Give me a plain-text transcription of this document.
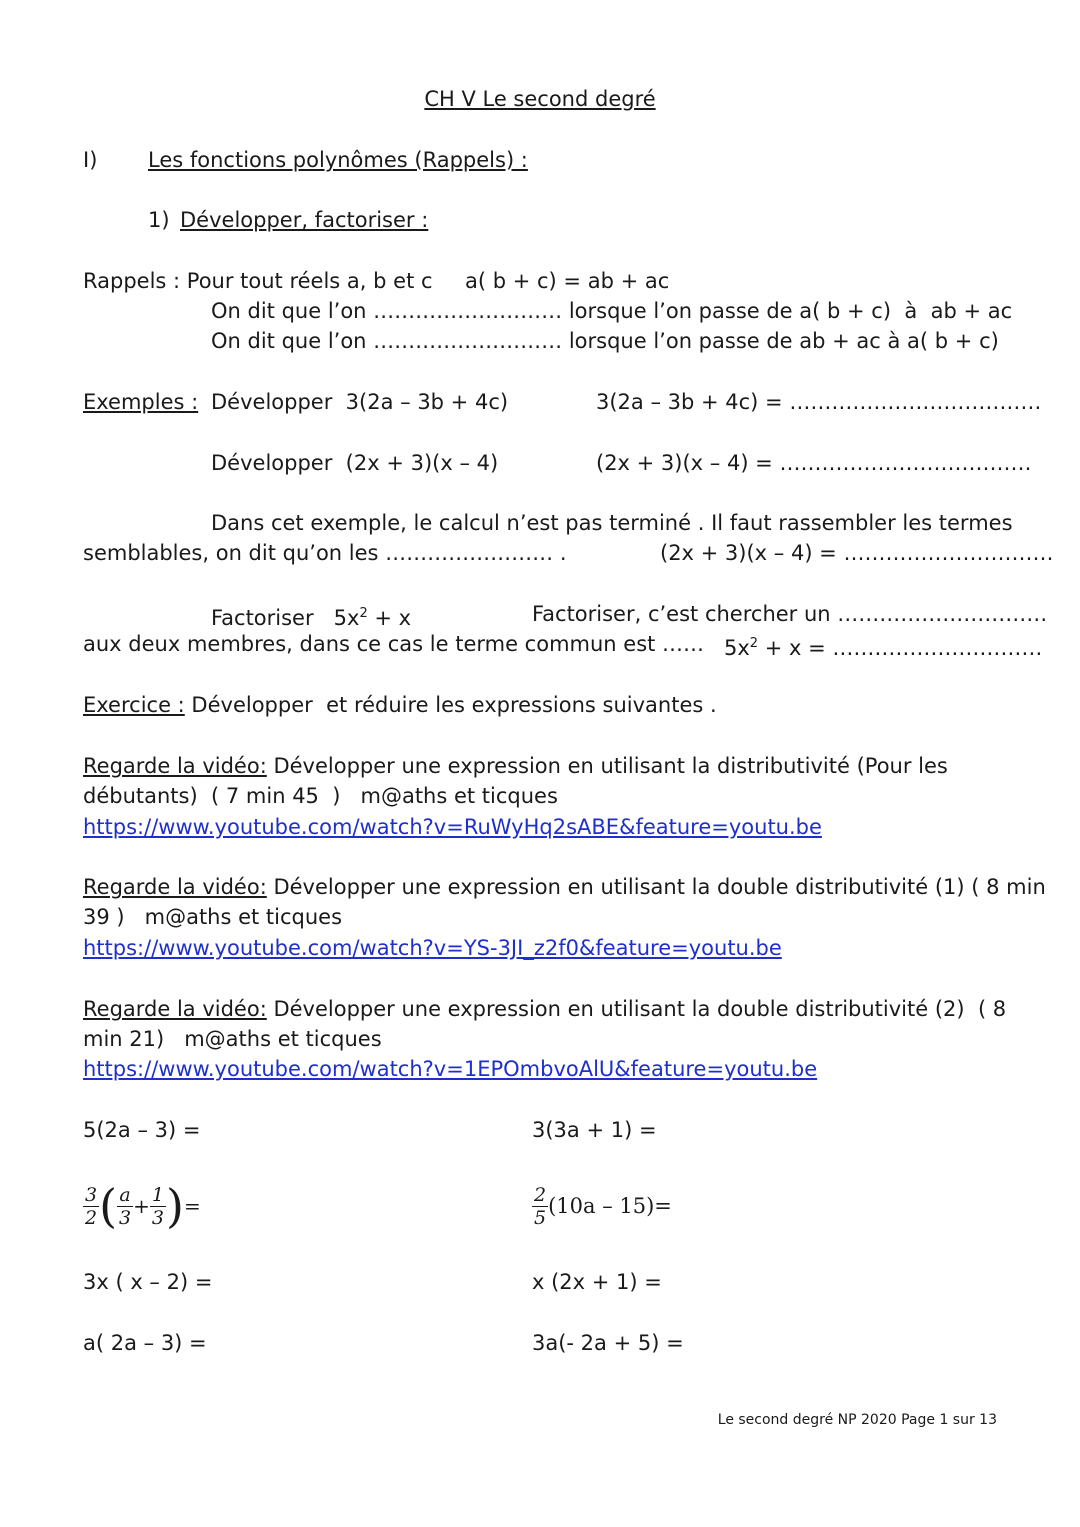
CH V Le second degré
I) Les fonctions polynômes (Rappels) :
1) Développer, factoriser :
Rappels : Pour tout réels a, b et c a( b + c) = ab + ac
On dit que l’on ……………………… lorsque l’on passe de a( b + c)  à  ab + ac
On dit que l’on ……………………… lorsque l’on passe de ab + ac à a( b + c)
Exemples : Développer  3(2a – 3b + 4c)	3(2a – 3b + 4c) = ………………………………
Développer  (2x + 3)(x – 4)	(2x + 3)(x – 4) = ………………………………
Dans cet exemple, le calcul n’est pas terminé . Il faut rassembler les termes
semblables, on dit qu’on les …………………… .	(2x + 3)(x – 4) = …………………………
Factoriser   $5x^2 + x$	Factoriser, c’est chercher un …………………………
aux deux membres, dans ce cas le terme commun est …… $5x^2 + x$ = …………………………
Exercice : Développer  et réduire les expressions suivantes .
Regarde la vidéo: Développer une expression en utilisant la distributivité (Pour les
débutants)  ( 7 min 45  )   m@aths et ticques
https://www.youtube.com/watch?v=RuWyHq2sABE&feature=youtu.be
Regarde la vidéo: Développer une expression en utilisant la double distributivité (1) ( 8 min
39 )   m@aths et ticques
https://www.youtube.com/watch?v=YS-3JI_z2f0&feature=youtu.be
Regarde la vidéo: Développer une expression en utilisant la double distributivité (2)  ( 8
min 21)   m@aths et ticques
https://www.youtube.com/watch?v=1EPOmbvoAlU&feature=youtu.be
5(2a – 3) =	3(3a + 1) =
$\frac{3}{2}$ ( $\frac{a}{3} + \frac{1}{3}$ ) =	$\frac{2}{5} (10a - 15)=$
3x ( x – 2) =	x (2x + 1) =
a( 2a – 3) =	3a(- 2a + 5) =
Le second degré NP 2020 Page 1 sur 13
